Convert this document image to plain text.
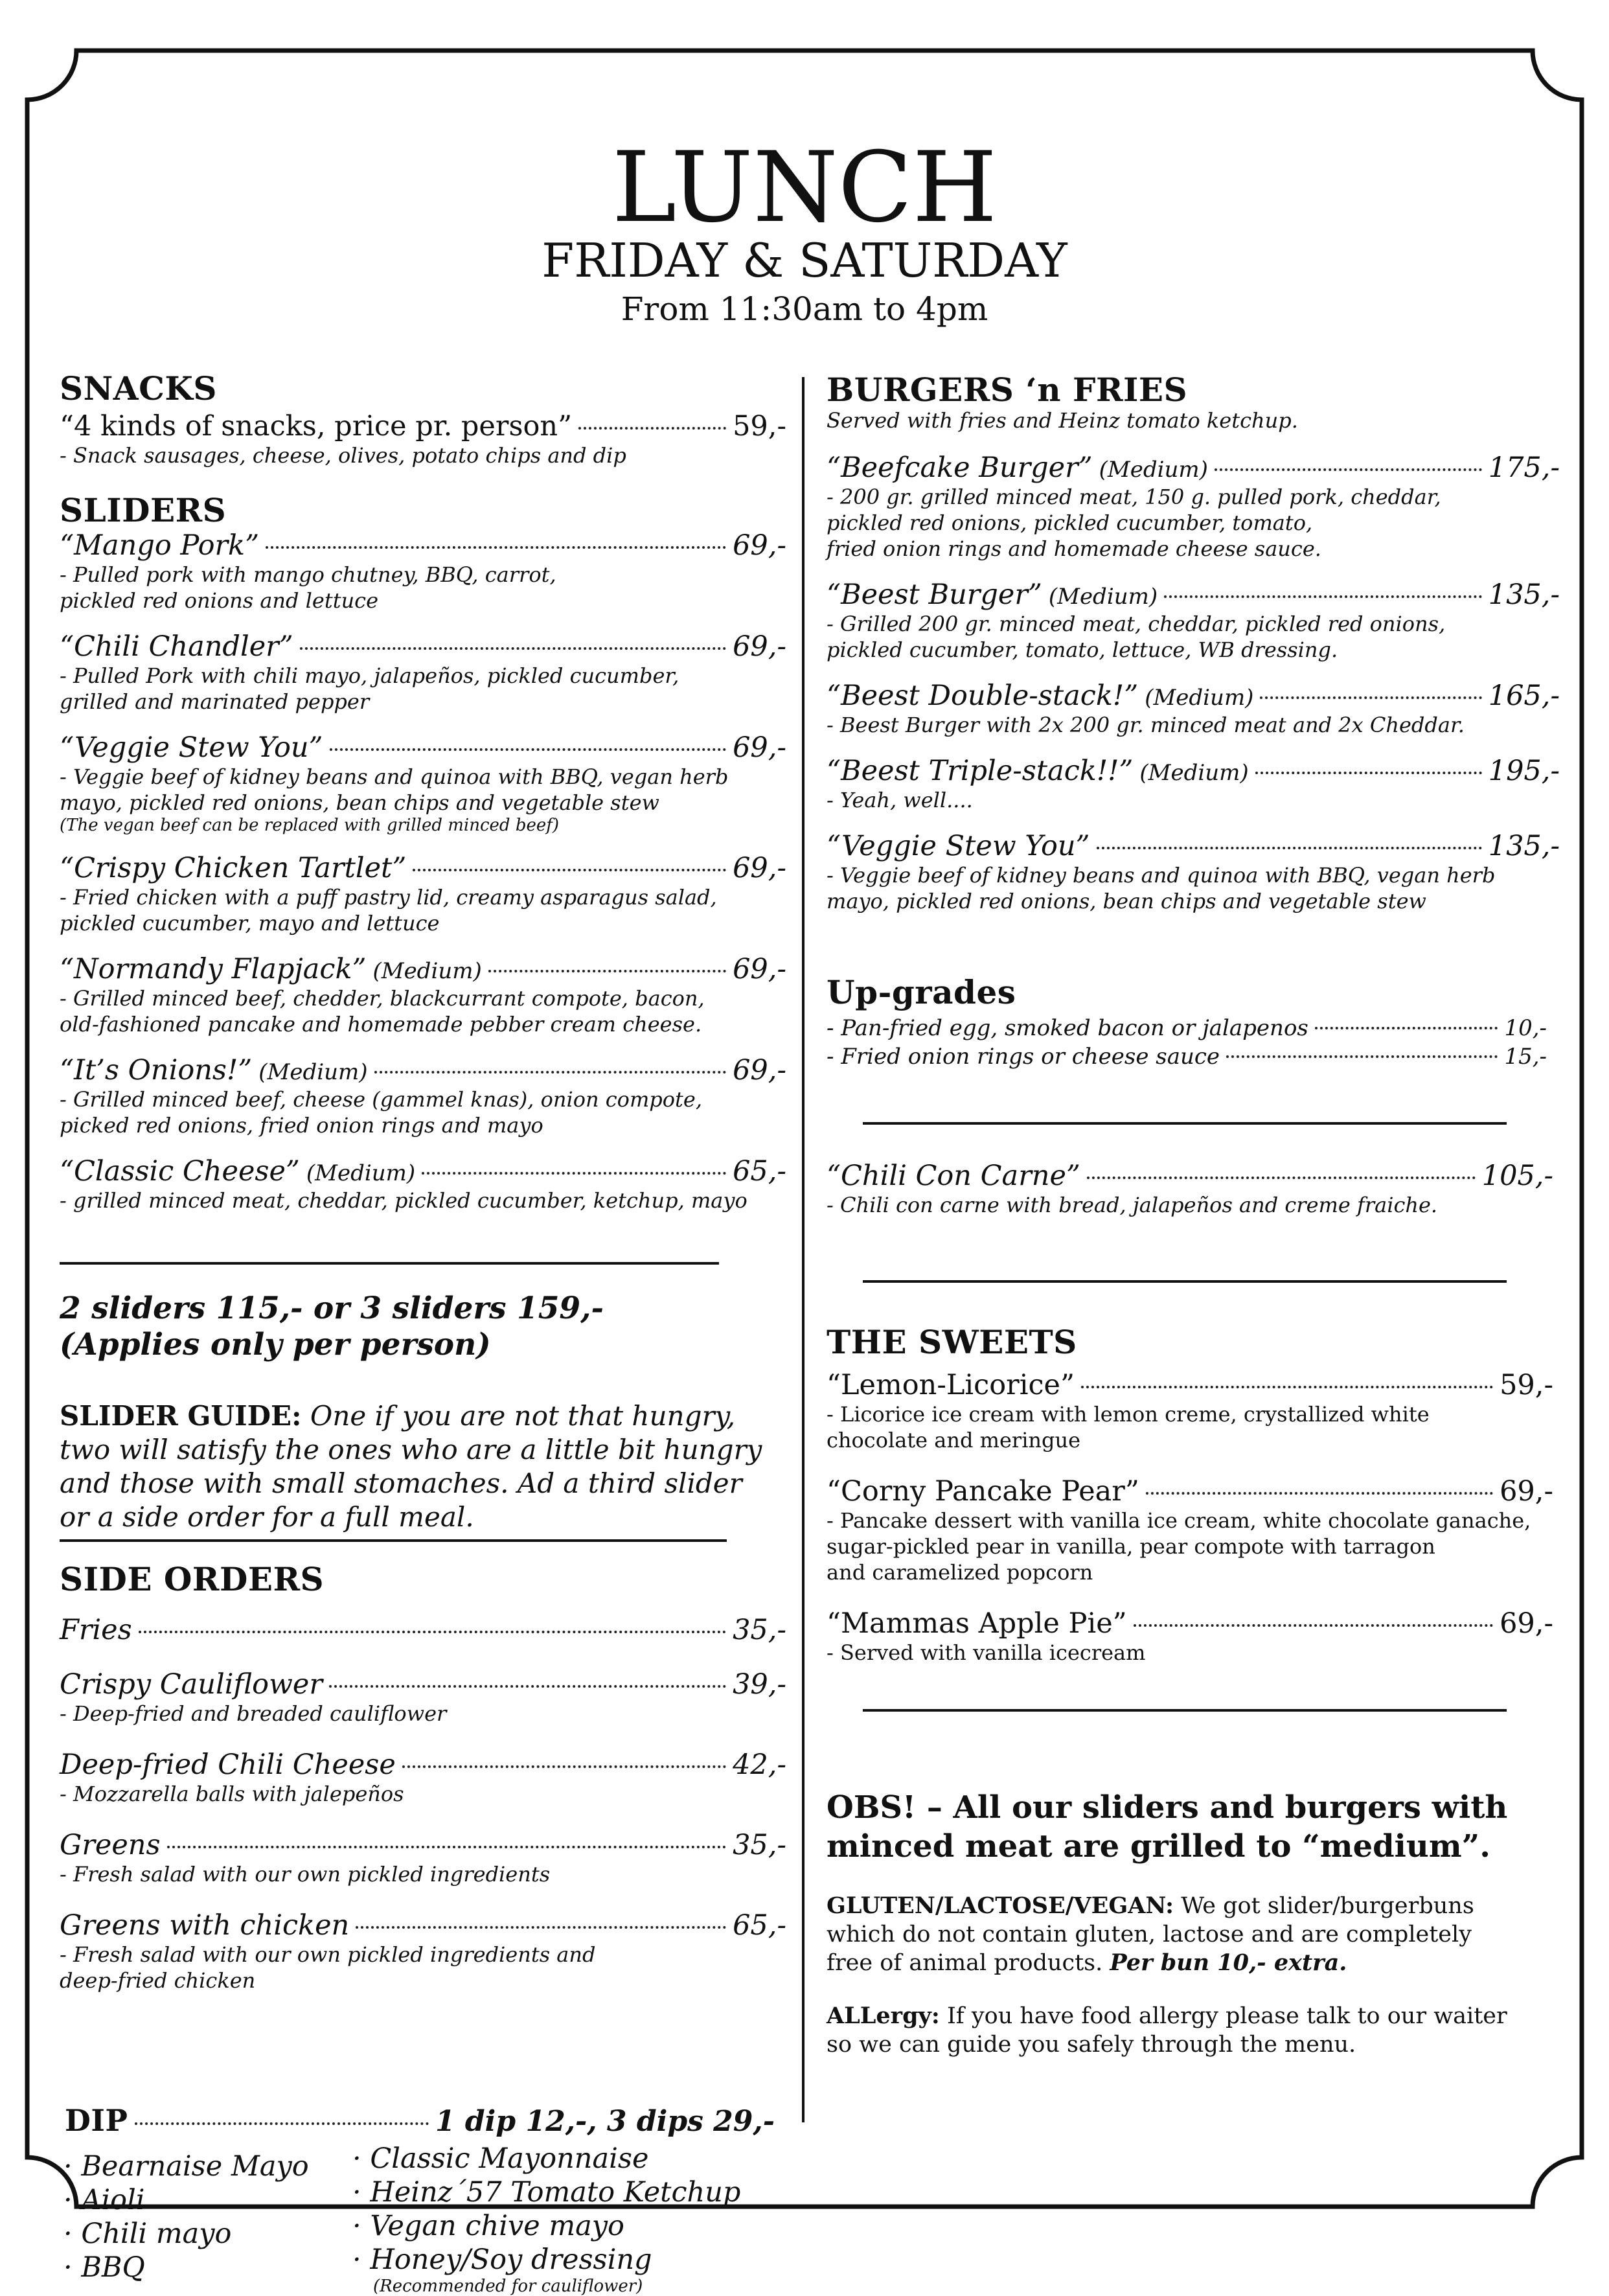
LUNCH
FRIDAY & SATURDAY
From 11:30am to 4pm
SNACKS
“4 kinds of snacks, price pr. person”	59,-
- Snack sausages, cheese, olives, potato chips and dip
SLIDERS
“Mango Pork”	69,-
- Pulled pork with mango chutney, BBQ, carrot,
pickled red onions and lettuce
“Chili Chandler”	69,-
- Pulled Pork with chili mayo, jalapeños, pickled cucumber,
grilled and marinated pepper
“Veggie Stew You”	69,-
- Veggie beef of kidney beans and quinoa with BBQ, vegan herb
mayo, pickled red onions, bean chips and vegetable stew
(The vegan beef can be replaced with grilled minced beef)
“Crispy Chicken Tartlet”	69,-
- Fried chicken with a puff pastry lid, creamy asparagus salad,
pickled cucumber, mayo and lettuce
“Normandy Flapjack” (Medium)	69,-
- Grilled minced beef, chedder, blackcurrant compote, bacon,
old-fashioned pancake and homemade pebber cream cheese.
“It’s Onions!” (Medium)	69,-
- Grilled minced beef, cheese (gammel knas), onion compote,
picked red onions, fried onion rings and mayo
“Classic Cheese” (Medium)	65,-
- grilled minced meat, cheddar, pickled cucumber, ketchup, mayo
2 sliders 115,- or 3 sliders 159,-
(Applies only per person)
SLIDER GUIDE: One if you are not that hungry,
two will satisfy the ones who are a little bit hungry
and those with small stomaches. Ad a third slider
or a side order for a full meal.
SIDE ORDERS
Fries	35,-
Crispy Cauliflower	39,-
- Deep-fried and breaded cauliflower
Deep-fried Chili Cheese	42,-
- Mozzarella balls with jalepeños
Greens	35,-
- Fresh salad with our own pickled ingredients
Greens with chicken	65,-
- Fresh salad with our own pickled ingredients and
deep-fried chicken
DIP	1 dip 12,-, 3 dips 29,-
· Bearnaise Mayo
· Aioli
· Chili mayo
· BBQ
· Classic Mayonnaise
· Heinz´57 Tomato Ketchup
· Vegan chive mayo
· Honey/Soy dressing
(Recommended for cauliflower)
BURGERS ‘n FRIES
Served with fries and Heinz tomato ketchup.
“Beefcake Burger” (Medium)	175,-
- 200 gr. grilled minced meat, 150 g. pulled pork, cheddar,
pickled red onions, pickled cucumber, tomato,
fried onion rings and homemade cheese sauce.
“Beest Burger” (Medium)	135,-
- Grilled 200 gr. minced meat, cheddar, pickled red onions,
pickled cucumber, tomato, lettuce, WB dressing.
“Beest Double-stack!” (Medium)	165,-
- Beest Burger with 2x 200 gr. minced meat and 2x Cheddar.
“Beest Triple-stack!!” (Medium)	195,-
- Yeah, well....
“Veggie Stew You”	135,-
- Veggie beef of kidney beans and quinoa with BBQ, vegan herb
mayo, pickled red onions, bean chips and vegetable stew
Up-grades
- Pan-fried egg, smoked bacon or jalapenos	10,-
- Fried onion rings or cheese sauce	15,-
“Chili Con Carne”	105,-
- Chili con carne with bread, jalapeños and creme fraiche.
THE SWEETS
“Lemon-Licorice”	59,-
- Licorice ice cream with lemon creme, crystallized white
chocolate and meringue
“Corny Pancake Pear”	69,-
- Pancake dessert with vanilla ice cream, white chocolate ganache,
sugar-pickled pear in vanilla, pear compote with tarragon
and caramelized popcorn
“Mammas Apple Pie”	69,-
- Served with vanilla icecream
OBS! – All our sliders and burgers with
minced meat are grilled to “medium”.
GLUTEN/LACTOSE/VEGAN: We got slider/burgerbuns
which do not contain gluten, lactose and are completely
free of animal products. Per bun 10,- extra.
ALLergy: If you have food allergy please talk to our waiter
so we can guide you safely through the menu.
